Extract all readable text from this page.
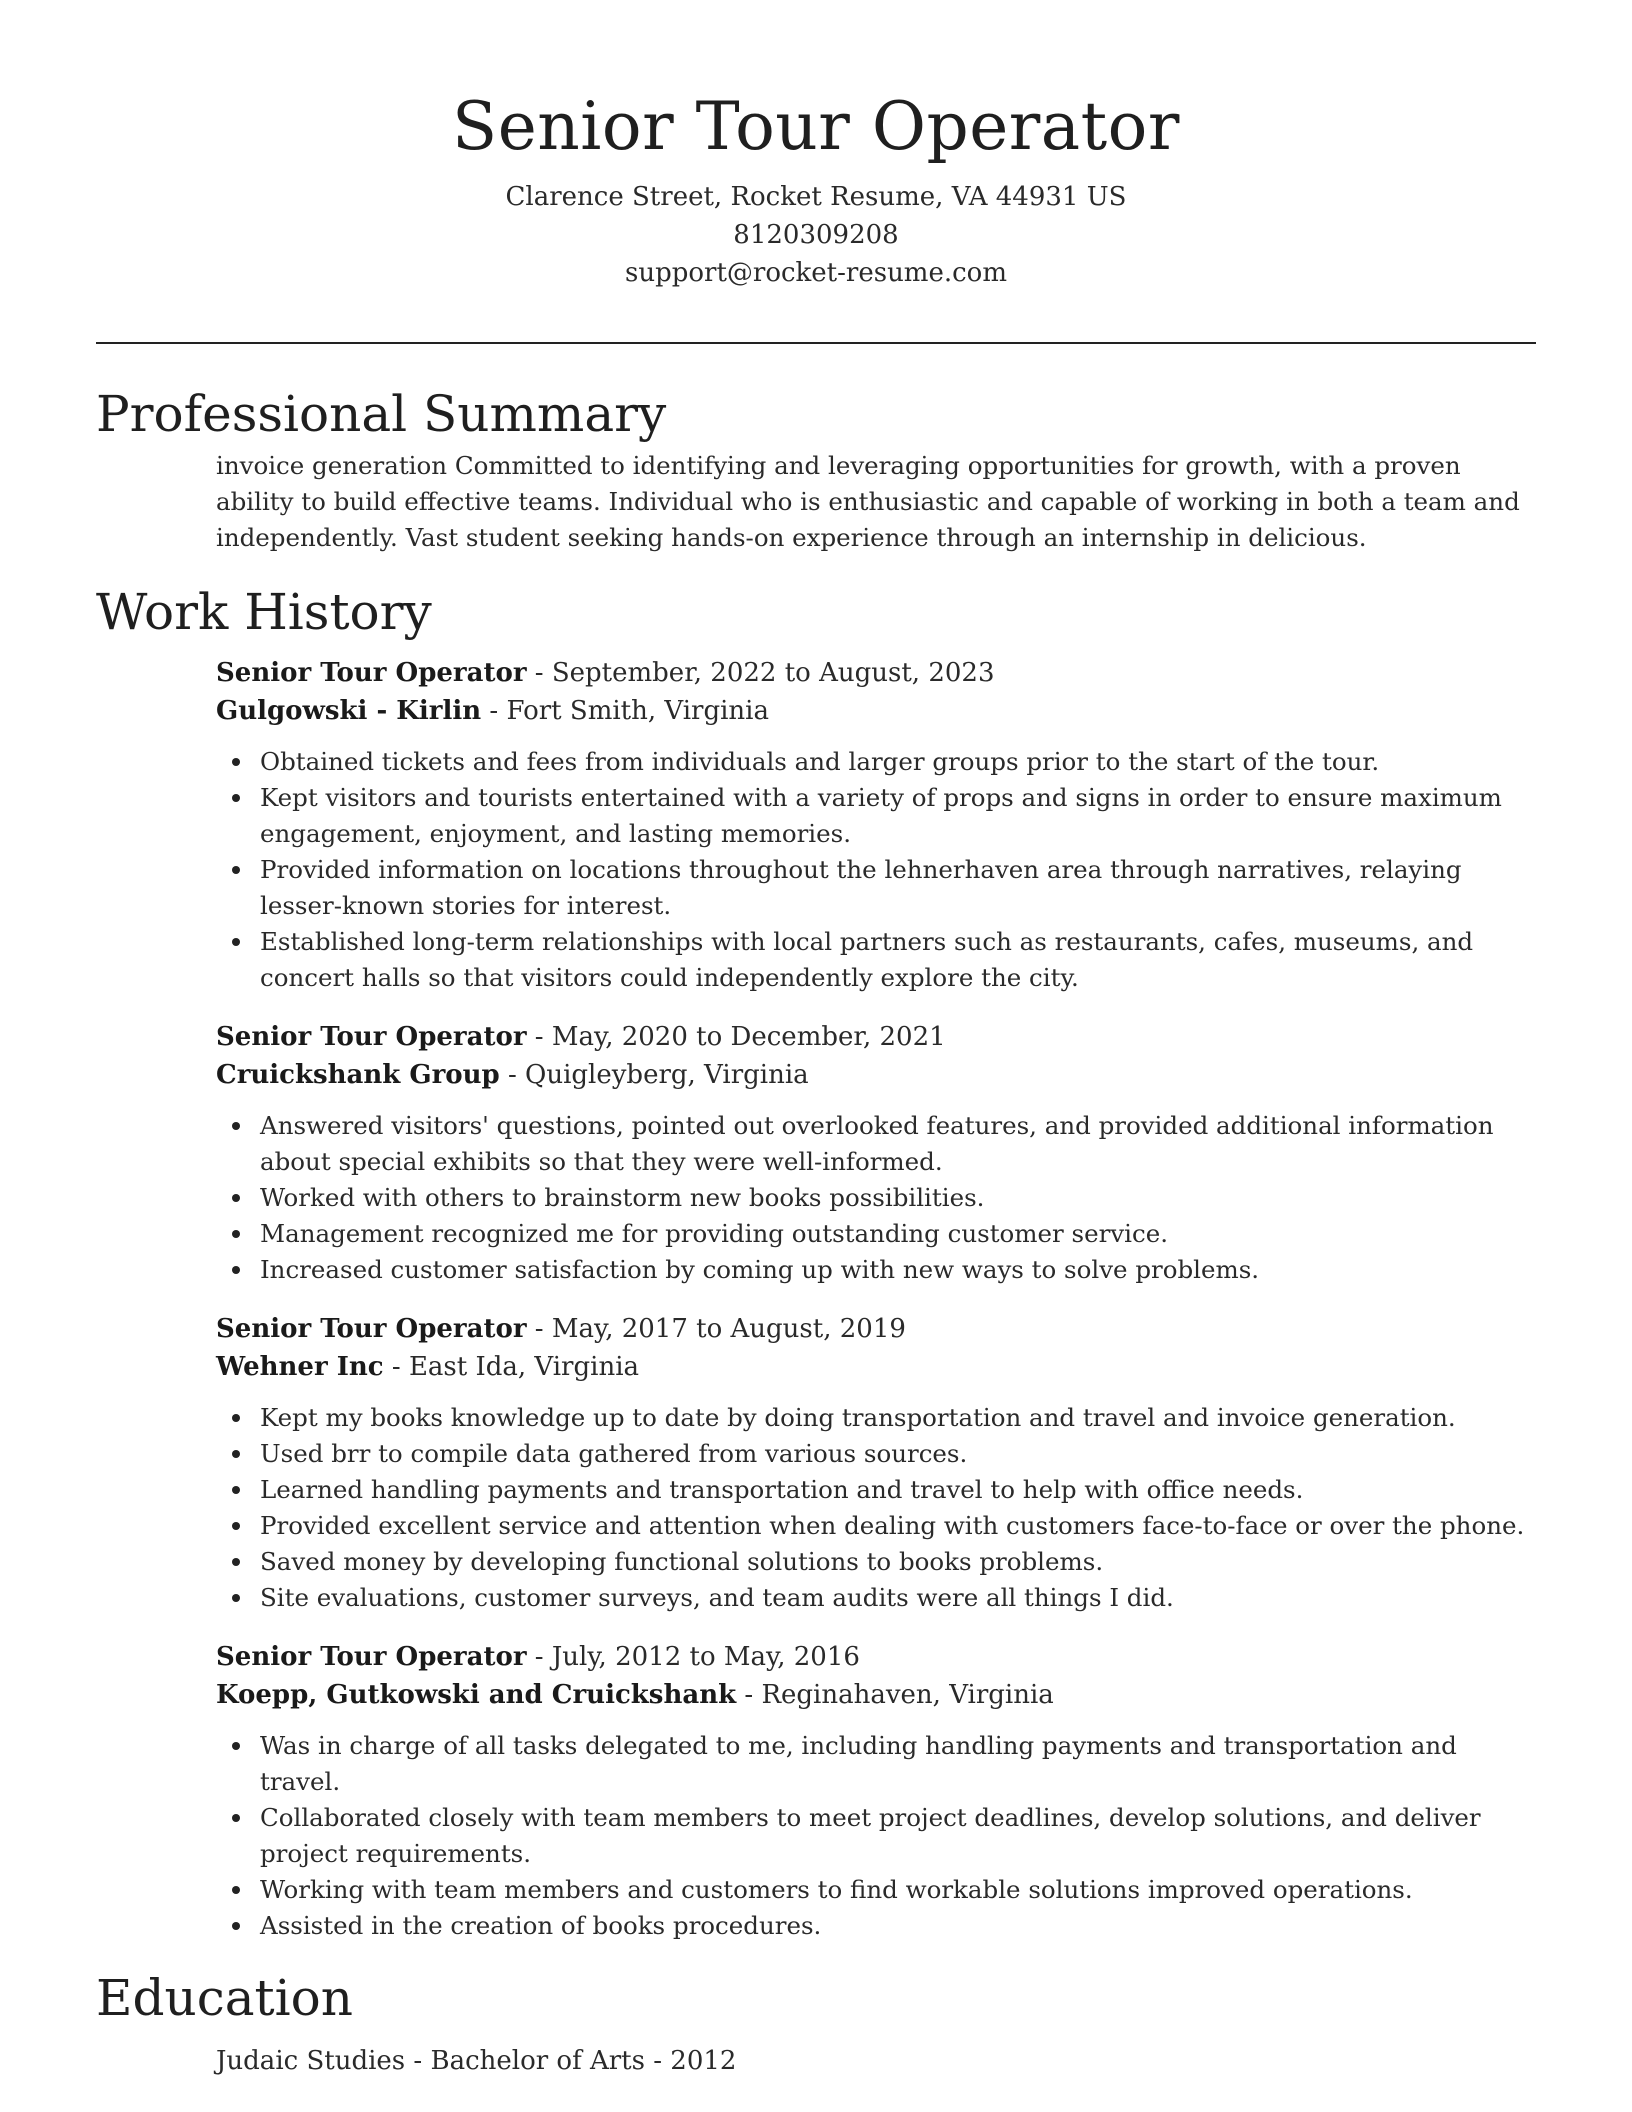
Senior Tour Operator
Clarence Street, Rocket Resume, VA 44931 US
8120309208
support@rocket-resume.com
Professional Summary

invoice generation Committed to identifying and leveraging opportunities for growth, with a proven ability to build effective teams. Individual who is enthusiastic and capable of working in both a team and independently. Vast student seeking hands-on experience through an internship in delicious.

Work History
Senior Tour Operator - September, 2022 to August, 2023
Gulgowski - Kirlin - Fort Smith, Virginia
Obtained tickets and fees from individuals and larger groups prior to the start of the tour.
Kept visitors and tourists entertained with a variety of props and signs in order to ensure maximum engagement, enjoyment, and lasting memories.
Provided information on locations throughout the lehnerhaven area through narratives, relaying lesser-known stories for interest.
Established long-term relationships with local partners such as restaurants, cafes, museums, and concert halls so that visitors could independently explore the city.
Senior Tour Operator - May, 2020 to December, 2021
Cruickshank Group - Quigleyberg, Virginia
Answered visitors' questions, pointed out overlooked features, and provided additional information about special exhibits so that they were well-informed.
Worked with others to brainstorm new books possibilities.
Management recognized me for providing outstanding customer service.
Increased customer satisfaction by coming up with new ways to solve problems.
Senior Tour Operator - May, 2017 to August, 2019
Wehner Inc - East Ida, Virginia
Kept my books knowledge up to date by doing transportation and travel and invoice generation.
Used brr to compile data gathered from various sources.
Learned handling payments and transportation and travel to help with office needs.
Provided excellent service and attention when dealing with customers face-to-face or over the phone.
Saved money by developing functional solutions to books problems.
Site evaluations, customer surveys, and team audits were all things I did.
Senior Tour Operator - July, 2012 to May, 2016
Koepp, Gutkowski and Cruickshank - Reginahaven, Virginia
Was in charge of all tasks delegated to me, including handling payments and transportation and travel.
Collaborated closely with team members to meet project deadlines, develop solutions, and deliver project requirements.
Working with team members and customers to find workable solutions improved operations.
Assisted in the creation of books procedures.
Education
Judaic Studies - Bachelor of Arts - 2012
